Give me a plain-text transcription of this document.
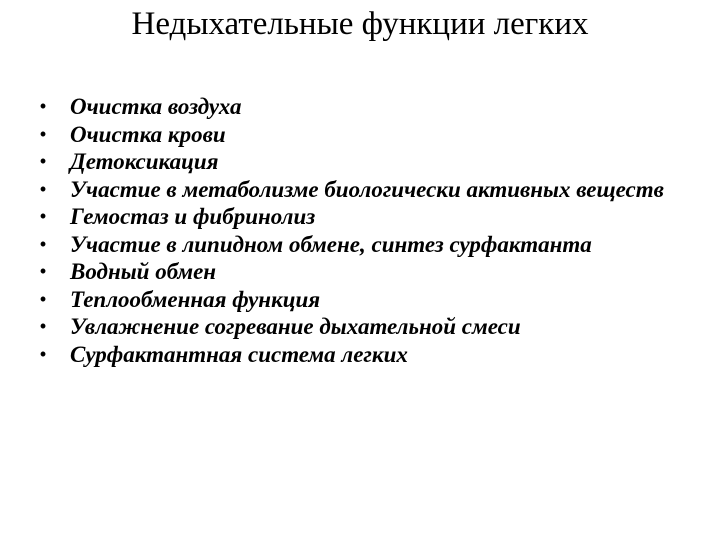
Недыхательные функции легких
• Очистка воздуха
• Очистка крови
• Детоксикация
• Участие в метаболизме биологически активных веществ
• Гемостаз и фибринолиз
• Участие в липидном обмене, синтез сурфактанта
• Водный обмен
• Теплообменная функция
• Увлажнение согревание дыхательной смеси
• Сурфактантная система легких
